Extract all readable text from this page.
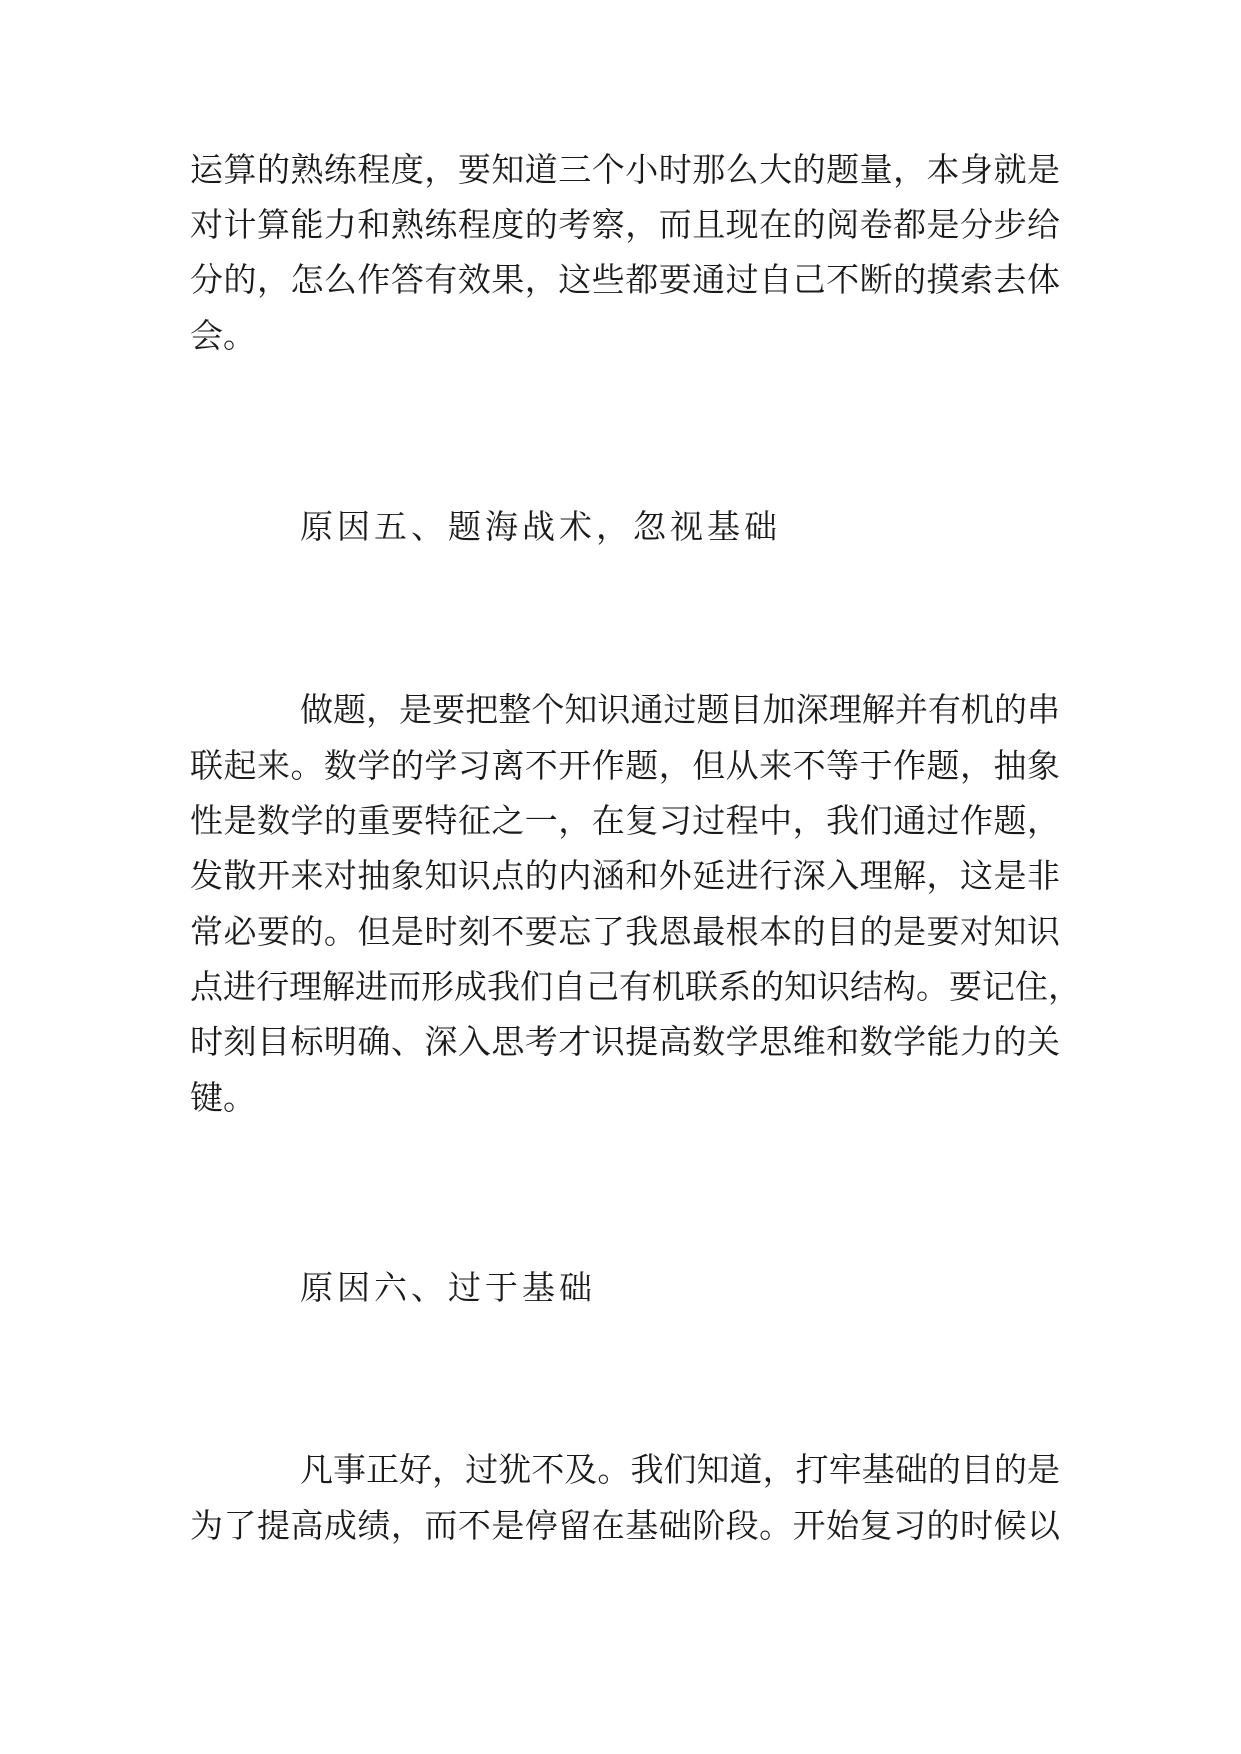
运算的熟练程度，要知道三个小时那么大的题量，本身就是
对计算能力和熟练程度的考察，而且现在的阅卷都是分步给
分的，怎么作答有效果，这些都要通过自己不断的摸索去体
会。
原因五、题海战术，忽视基础
做题，是要把整个知识通过题目加深理解并有机的串
联起来。数学的学习离不开作题，但从来不等于作题，抽象
性是数学的重要特征之一，在复习过程中，我们通过作题，
发散开来对抽象知识点的内涵和外延进行深入理解，这是非
常必要的。但是时刻不要忘了我恩最根本的目的是要对知识
点进行理解进而形成我们自己有机联系的知识结构。要记住，
时刻目标明确、深入思考才识提高数学思维和数学能力的关
键。
原因六、过于基础
凡事正好，过犹不及。我们知道，打牢基础的目的是
为了提高成绩，而不是停留在基础阶段。开始复习的时候以
